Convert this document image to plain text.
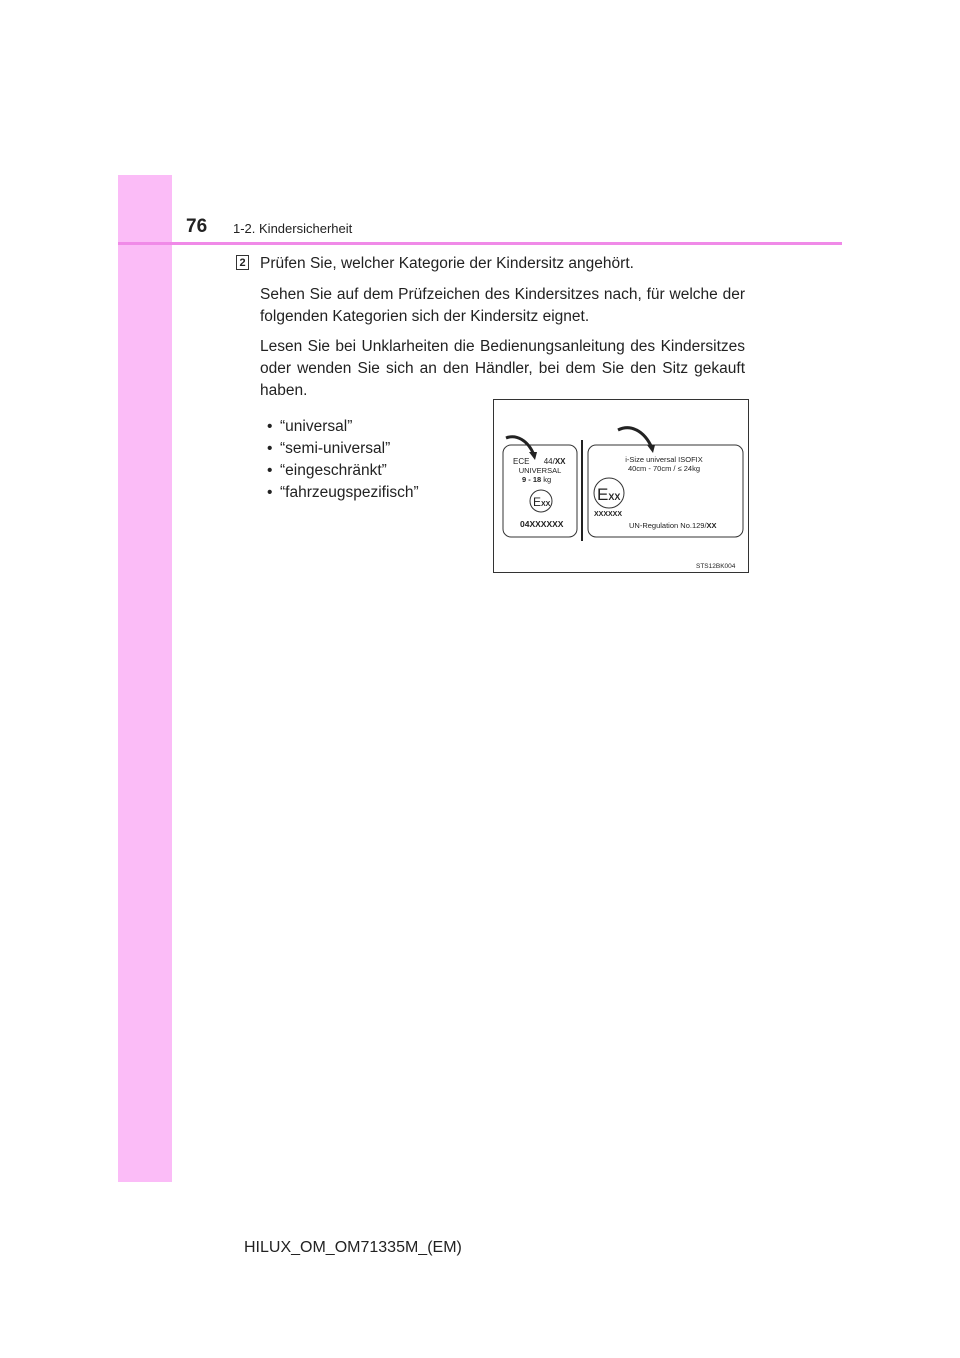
76 1-2. Kindersicherheit
2 Prüfen Sie, welcher Kategorie der Kindersitz angehört.

Sehen Sie auf dem Prüfzeichen des Kindersitzes nach, für welche der folgenden Kategorien sich der Kindersitz eignet.

Lesen Sie bei Unklarheiten die Bedienungsanleitung des Kindersitzes oder wenden Sie sich an den Händler, bei dem Sie den Sitz gekauft haben.

• “universal”
• “semi-universal”
• “eingeschränkt”
• “fahrzeugspezifisch”
ECE 44/XX
UNIVERSAL
9 - 18 kg
EXX
04XXXXXX
i-Size universal ISOFIX
40cm - 70cm / ≤ 24kg
EXX
XXXXXX
UN-Regulation No.129/XX
STS12BK004
HILUX_OM_OM71335M_(EM)
